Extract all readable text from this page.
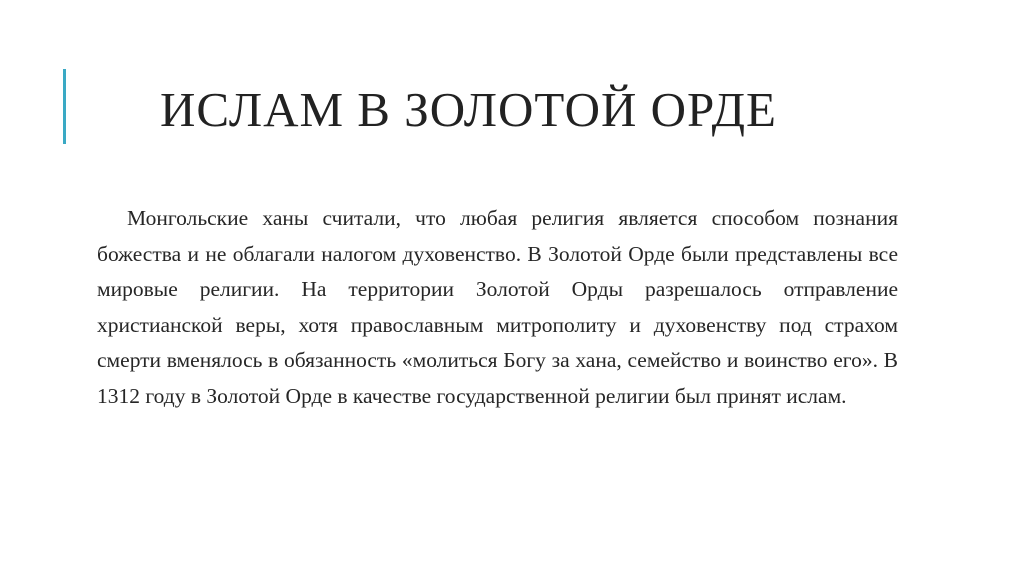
ИСЛАМ В ЗОЛОТОЙ ОРДЕ

Монгольские ханы считали, что любая религия является способом познания божества и не облагали налогом духовенство. В Золотой Орде были представлены все мировые религии. На территории Золотой Орды разрешалось отправление христианской веры, хотя православным митрополиту и духовенству под страхом смерти вменялось в обязанность «молиться Богу за хана, семейство и воинство его». В 1312 году в Золотой Орде в качестве государственной религии был принят ислам.
